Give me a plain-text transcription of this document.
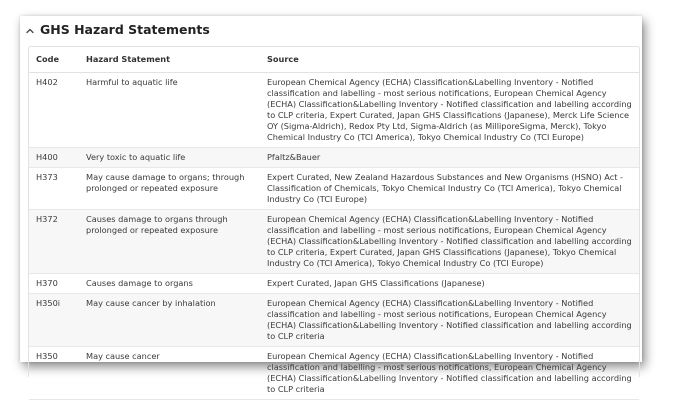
GHS Hazard Statements
Code	Hazard Statement	Source
H402	Harmful to aquatic life	European Chemical Agency (ECHA) Classification&Labelling Inventory - Notified classification and labelling - most serious notifications, European Chemical Agency (ECHA) Classification&Labelling Inventory - Notified classification and labelling according to CLP criteria, Expert Curated, Japan GHS Classifications (Japanese), Merck Life Science OY (Sigma-Aldrich), Redox Pty Ltd, Sigma-Aldrich (as MilliporeSigma, Merck), Tokyo Chemical Industry Co (TCI America), Tokyo Chemical Industry Co (TCI Europe)
H400	Very toxic to aquatic life	Pfaltz&Bauer
H373	May cause damage to organs; through prolonged or repeated exposure	Expert Curated, New Zealand Hazardous Substances and New Organisms (HSNO) Act - Classification of Chemicals, Tokyo Chemical Industry Co (TCI America), Tokyo Chemical Industry Co (TCI Europe)
H372	Causes damage to organs through prolonged or repeated exposure	European Chemical Agency (ECHA) Classification&Labelling Inventory - Notified classification and labelling - most serious notifications, European Chemical Agency (ECHA) Classification&Labelling Inventory - Notified classification and labelling according to CLP criteria, Expert Curated, Japan GHS Classifications (Japanese), Tokyo Chemical Industry Co (TCI America), Tokyo Chemical Industry Co (TCI Europe)
H370	Causes damage to organs	Expert Curated, Japan GHS Classifications (Japanese)
H350i	May cause cancer by inhalation	European Chemical Agency (ECHA) Classification&Labelling Inventory - Notified classification and labelling - most serious notifications, European Chemical Agency (ECHA) Classification&Labelling Inventory - Notified classification and labelling according to CLP criteria
H350	May cause cancer	European Chemical Agency (ECHA) Classification&Labelling Inventory - Notified classification and labelling - most serious notifications, European Chemical Agency (ECHA) Classification&Labelling Inventory - Notified classification and labelling according to CLP criteria
